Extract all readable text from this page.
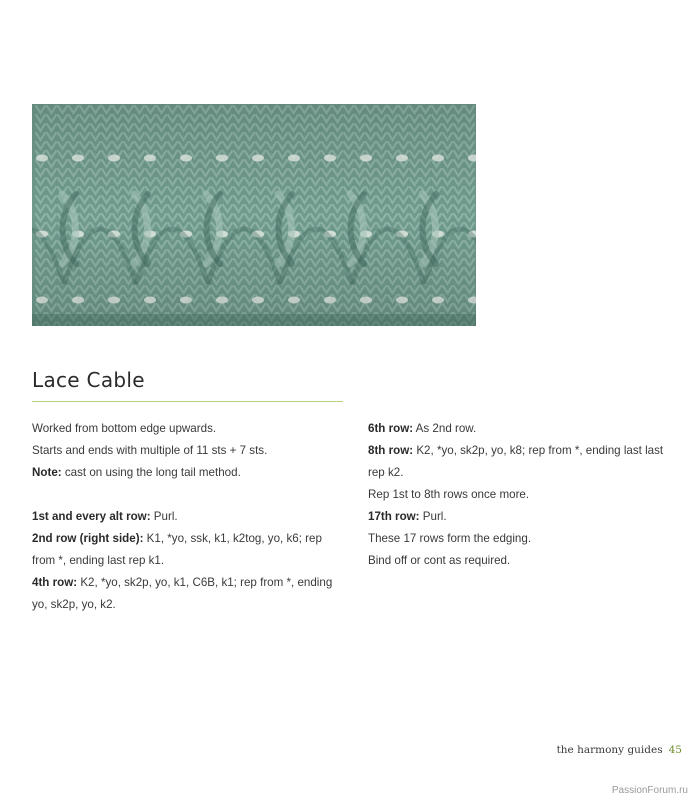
Lace Cable

Worked from bottom edge upwards.

Starts and ends with multiple of 11 sts + 7 sts.

Note: cast on using the long tail method.

1st and every alt row: Purl.

2nd row (right side): K1, *yo, ssk, k1, k2tog, yo, k6; rep

from *, ending last rep k1.

4th row: K2, *yo, sk2p, yo, k1, C6B, k1; rep from *, ending

yo, sk2p, yo, k2.

6th row: As 2nd row.

8th row: K2, *yo, sk2p, yo, k8; rep from *, ending last last

rep k2.

Rep 1st to 8th rows once more.

17th row: Purl.

These 17 rows form the edging.

Bind off or cont as required.

the harmony guides 45
PassionForum.ru
